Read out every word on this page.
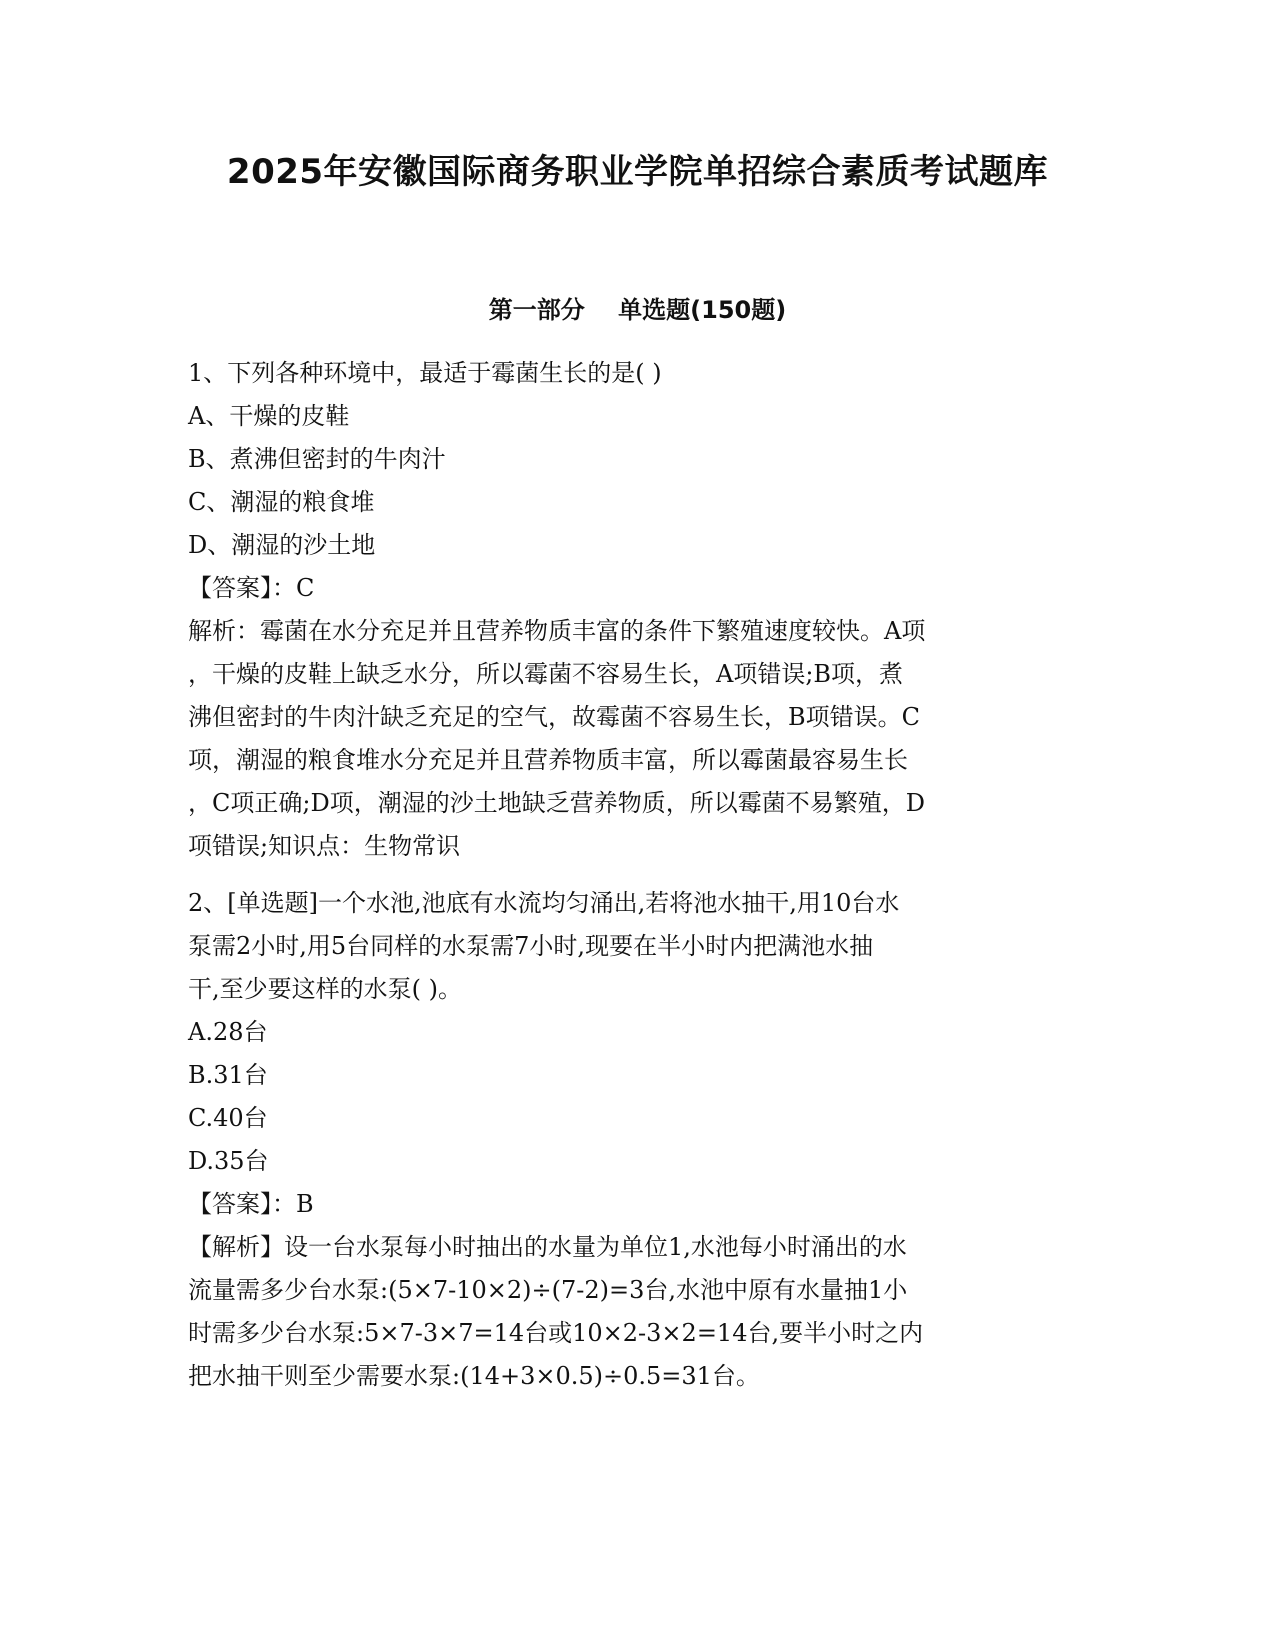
2025年安徽国际商务职业学院单招综合素质考试题库
第一部分    单选题(150题)

1、下列各种环境中，最适于霉菌生长的是( )

A、干燥的皮鞋

B、煮沸但密封的牛肉汁

C、潮湿的粮食堆

D、潮湿的沙土地

【答案】：C

解析：霉菌在水分充足并且营养物质丰富的条件下繁殖速度较快。A项

，干燥的皮鞋上缺乏水分，所以霉菌不容易生长，A项错误;B项，煮

沸但密封的牛肉汁缺乏充足的空气，故霉菌不容易生长，B项错误。C

项，潮湿的粮食堆水分充足并且营养物质丰富，所以霉菌最容易生长

，C项正确;D项，潮湿的沙土地缺乏营养物质，所以霉菌不易繁殖，D

项错误;知识点：生物常识

2、[单选题]一个水池,池底有水流均匀涌出,若将池水抽干,用10台水

泵需2小时,用5台同样的水泵需7小时,现要在半小时内把满池水抽

干,至少要这样的水泵( )。

A.28台

B.31台

C.40台

D.35台

【答案】：B

【解析】设一台水泵每小时抽出的水量为单位1,水池每小时涌出的水

流量需多少台水泵:(5×7-10×2)÷(7-2)=3台,水池中原有水量抽1小

时需多少台水泵:5×7-3×7=14台或10×2-3×2=14台,要半小时之内

把水抽干则至少需要水泵:(14+3×0.5)÷0.5=31台。
